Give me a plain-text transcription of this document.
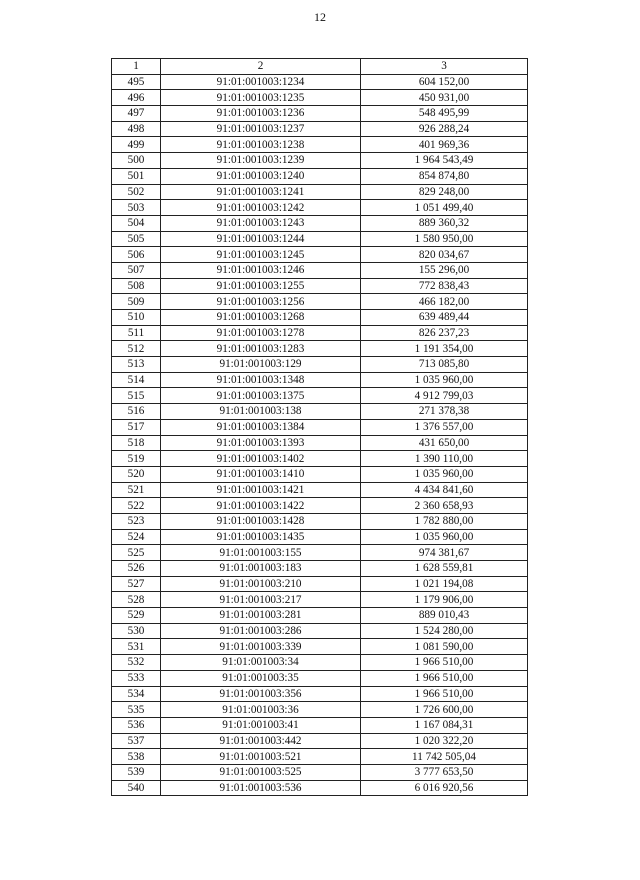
12
1	2	3
495	91:01:001003:1234	604 152,00
496	91:01:001003:1235	450 931,00
497	91:01:001003:1236	548 495,99
498	91:01:001003:1237	926 288,24
499	91:01:001003:1238	401 969,36
500	91:01:001003:1239	1 964 543,49
501	91:01:001003:1240	854 874,80
502	91:01:001003:1241	829 248,00
503	91:01:001003:1242	1 051 499,40
504	91:01:001003:1243	889 360,32
505	91:01:001003:1244	1 580 950,00
506	91:01:001003:1245	820 034,67
507	91:01:001003:1246	155 296,00
508	91:01:001003:1255	772 838,43
509	91:01:001003:1256	466 182,00
510	91:01:001003:1268	639 489,44
511	91:01:001003:1278	826 237,23
512	91:01:001003:1283	1 191 354,00
513	91:01:001003:129	713 085,80
514	91:01:001003:1348	1 035 960,00
515	91:01:001003:1375	4 912 799,03
516	91:01:001003:138	271 378,38
517	91:01:001003:1384	1 376 557,00
518	91:01:001003:1393	431 650,00
519	91:01:001003:1402	1 390 110,00
520	91:01:001003:1410	1 035 960,00
521	91:01:001003:1421	4 434 841,60
522	91:01:001003:1422	2 360 658,93
523	91:01:001003:1428	1 782 880,00
524	91:01:001003:1435	1 035 960,00
525	91:01:001003:155	974 381,67
526	91:01:001003:183	1 628 559,81
527	91:01:001003:210	1 021 194,08
528	91:01:001003:217	1 179 906,00
529	91:01:001003:281	889 010,43
530	91:01:001003:286	1 524 280,00
531	91:01:001003:339	1 081 590,00
532	91:01:001003:34	1 966 510,00
533	91:01:001003:35	1 966 510,00
534	91:01:001003:356	1 966 510,00
535	91:01:001003:36	1 726 600,00
536	91:01:001003:41	1 167 084,31
537	91:01:001003:442	1 020 322,20
538	91:01:001003:521	11 742 505,04
539	91:01:001003:525	3 777 653,50
540	91:01:001003:536	6 016 920,56
